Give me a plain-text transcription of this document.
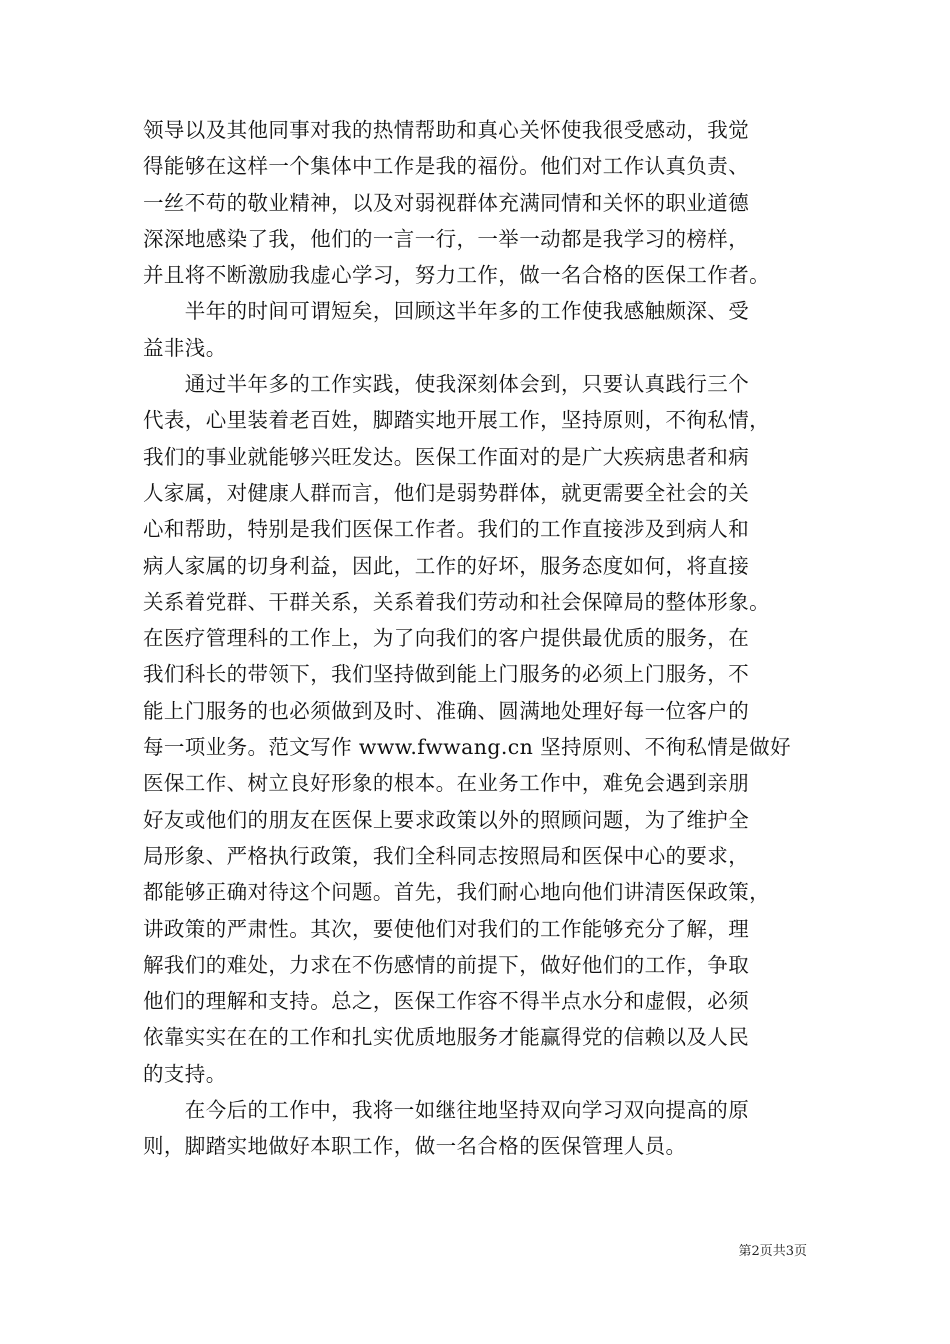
领导以及其他同事对我的热情帮助和真心关怀使我很受感动，我觉
得能够在这样一个集体中工作是我的福份。他们对工作认真负责、
一丝不苟的敬业精神，以及对弱视群体充满同情和关怀的职业道德
深深地感染了我，他们的一言一行，一举一动都是我学习的榜样，
并且将不断激励我虚心学习，努力工作，做一名合格的医保工作者。
　　半年的时间可谓短矣，回顾这半年多的工作使我感触颇深、受
益非浅。
　　通过半年多的工作实践，使我深刻体会到，只要认真践行三个
代表，心里装着老百姓，脚踏实地开展工作，坚持原则，不徇私情，
我们的事业就能够兴旺发达。医保工作面对的是广大疾病患者和病
人家属，对健康人群而言，他们是弱势群体，就更需要全社会的关
心和帮助，特别是我们医保工作者。我们的工作直接涉及到病人和
病人家属的切身利益，因此，工作的好坏，服务态度如何，将直接
关系着党群、干群关系，关系着我们劳动和社会保障局的整体形象。
在医疗管理科的工作上，为了向我们的客户提供最优质的服务，在
我们科长的带领下，我们坚持做到能上门服务的必须上门服务，不
能上门服务的也必须做到及时、准确、圆满地处理好每一位客户的
每一项业务。范文写作 www.fwwang.cn 坚持原则、不徇私情是做好
医保工作、树立良好形象的根本。在业务工作中，难免会遇到亲朋
好友或他们的朋友在医保上要求政策以外的照顾问题，为了维护全
局形象、严格执行政策，我们全科同志按照局和医保中心的要求，
都能够正确对待这个问题。首先，我们耐心地向他们讲清医保政策，
讲政策的严肃性。其次，要使他们对我们的工作能够充分了解，理
解我们的难处，力求在不伤感情的前提下，做好他们的工作，争取
他们的理解和支持。总之，医保工作容不得半点水分和虚假，必须
依靠实实在在的工作和扎实优质地服务才能赢得党的信赖以及人民
的支持。
　　在今后的工作中，我将一如继往地坚持双向学习双向提高的原
则，脚踏实地做好本职工作，做一名合格的医保管理人员。
第2页共3页
